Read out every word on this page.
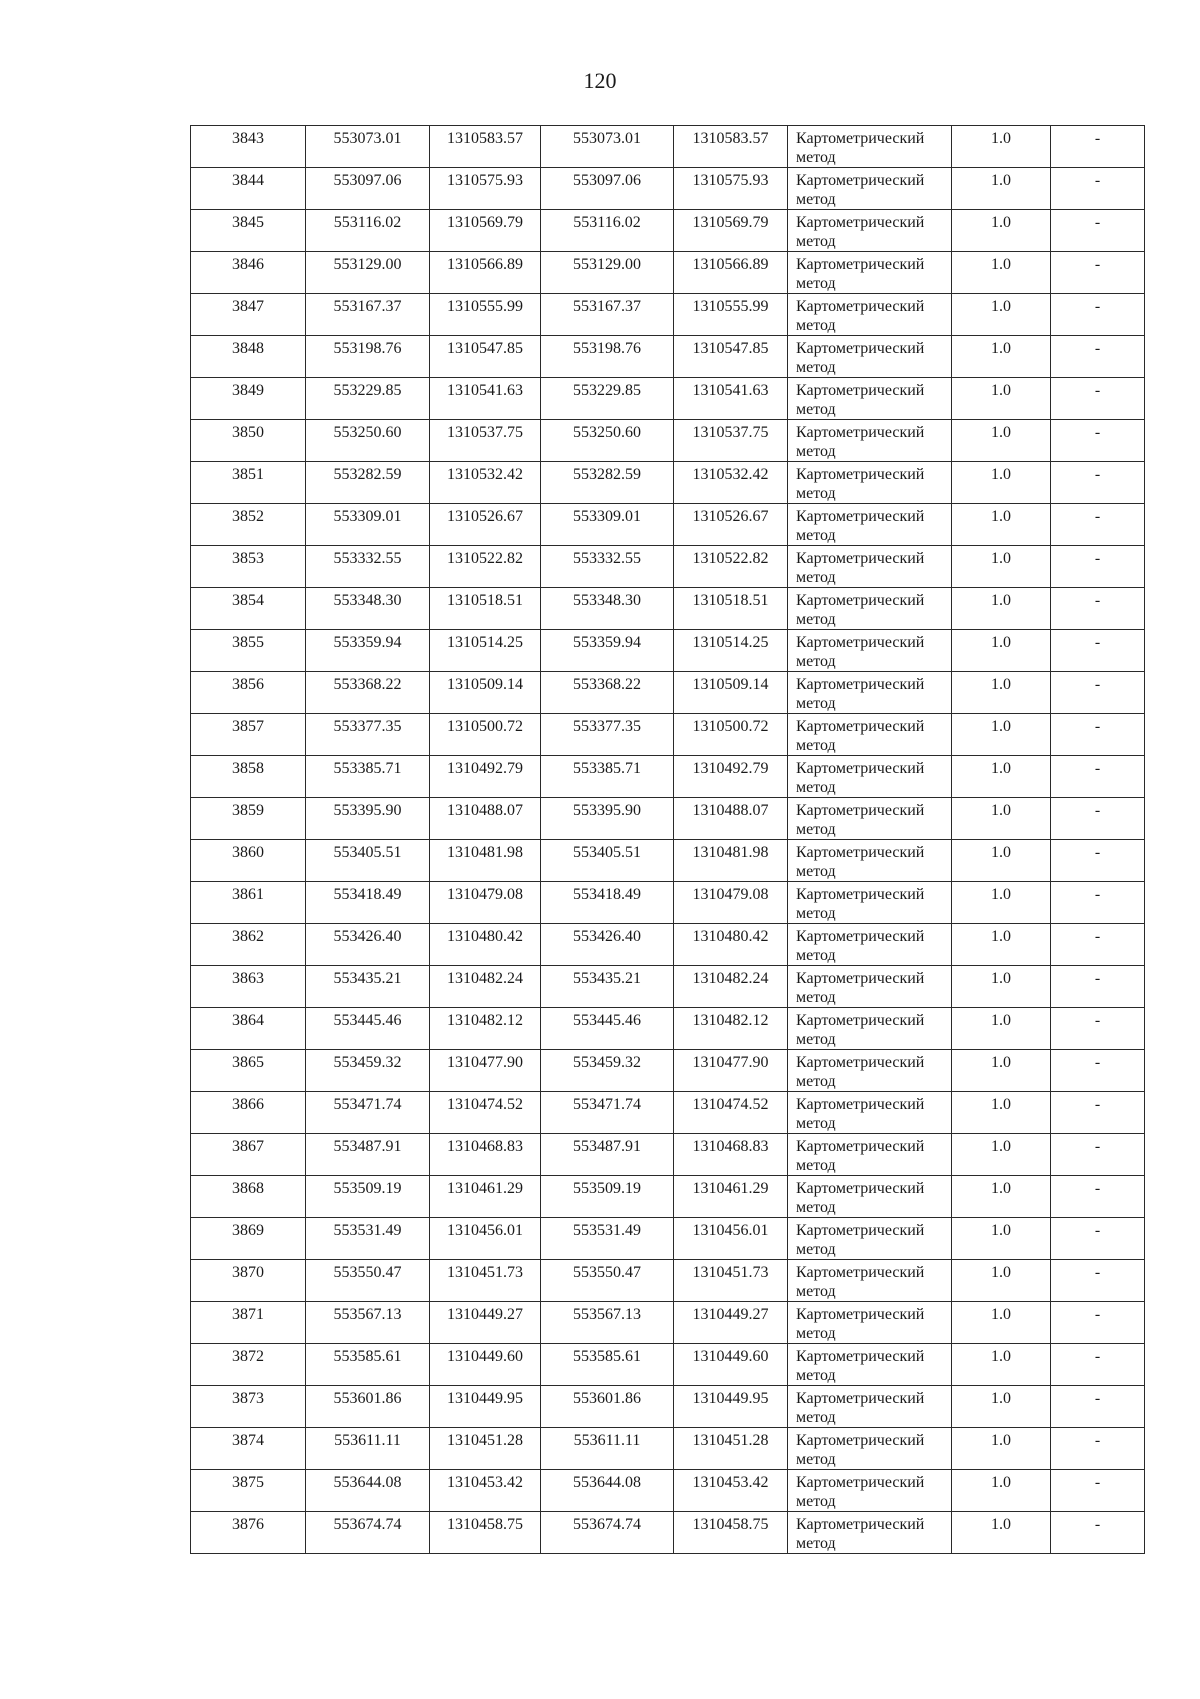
120
3843	553073.01	1310583.57	553073.01	1310583.57	Картометрический
метод	1.0	-
3844	553097.06	1310575.93	553097.06	1310575.93	Картометрический
метод	1.0	-
3845	553116.02	1310569.79	553116.02	1310569.79	Картометрический
метод	1.0	-
3846	553129.00	1310566.89	553129.00	1310566.89	Картометрический
метод	1.0	-
3847	553167.37	1310555.99	553167.37	1310555.99	Картометрический
метод	1.0	-
3848	553198.76	1310547.85	553198.76	1310547.85	Картометрический
метод	1.0	-
3849	553229.85	1310541.63	553229.85	1310541.63	Картометрический
метод	1.0	-
3850	553250.60	1310537.75	553250.60	1310537.75	Картометрический
метод	1.0	-
3851	553282.59	1310532.42	553282.59	1310532.42	Картометрический
метод	1.0	-
3852	553309.01	1310526.67	553309.01	1310526.67	Картометрический
метод	1.0	-
3853	553332.55	1310522.82	553332.55	1310522.82	Картометрический
метод	1.0	-
3854	553348.30	1310518.51	553348.30	1310518.51	Картометрический
метод	1.0	-
3855	553359.94	1310514.25	553359.94	1310514.25	Картометрический
метод	1.0	-
3856	553368.22	1310509.14	553368.22	1310509.14	Картометрический
метод	1.0	-
3857	553377.35	1310500.72	553377.35	1310500.72	Картометрический
метод	1.0	-
3858	553385.71	1310492.79	553385.71	1310492.79	Картометрический
метод	1.0	-
3859	553395.90	1310488.07	553395.90	1310488.07	Картометрический
метод	1.0	-
3860	553405.51	1310481.98	553405.51	1310481.98	Картометрический
метод	1.0	-
3861	553418.49	1310479.08	553418.49	1310479.08	Картометрический
метод	1.0	-
3862	553426.40	1310480.42	553426.40	1310480.42	Картометрический
метод	1.0	-
3863	553435.21	1310482.24	553435.21	1310482.24	Картометрический
метод	1.0	-
3864	553445.46	1310482.12	553445.46	1310482.12	Картометрический
метод	1.0	-
3865	553459.32	1310477.90	553459.32	1310477.90	Картометрический
метод	1.0	-
3866	553471.74	1310474.52	553471.74	1310474.52	Картометрический
метод	1.0	-
3867	553487.91	1310468.83	553487.91	1310468.83	Картометрический
метод	1.0	-
3868	553509.19	1310461.29	553509.19	1310461.29	Картометрический
метод	1.0	-
3869	553531.49	1310456.01	553531.49	1310456.01	Картометрический
метод	1.0	-
3870	553550.47	1310451.73	553550.47	1310451.73	Картометрический
метод	1.0	-
3871	553567.13	1310449.27	553567.13	1310449.27	Картометрический
метод	1.0	-
3872	553585.61	1310449.60	553585.61	1310449.60	Картометрический
метод	1.0	-
3873	553601.86	1310449.95	553601.86	1310449.95	Картометрический
метод	1.0	-
3874	553611.11	1310451.28	553611.11	1310451.28	Картометрический
метод	1.0	-
3875	553644.08	1310453.42	553644.08	1310453.42	Картометрический
метод	1.0	-
3876	553674.74	1310458.75	553674.74	1310458.75	Картометрический
метод	1.0	-
